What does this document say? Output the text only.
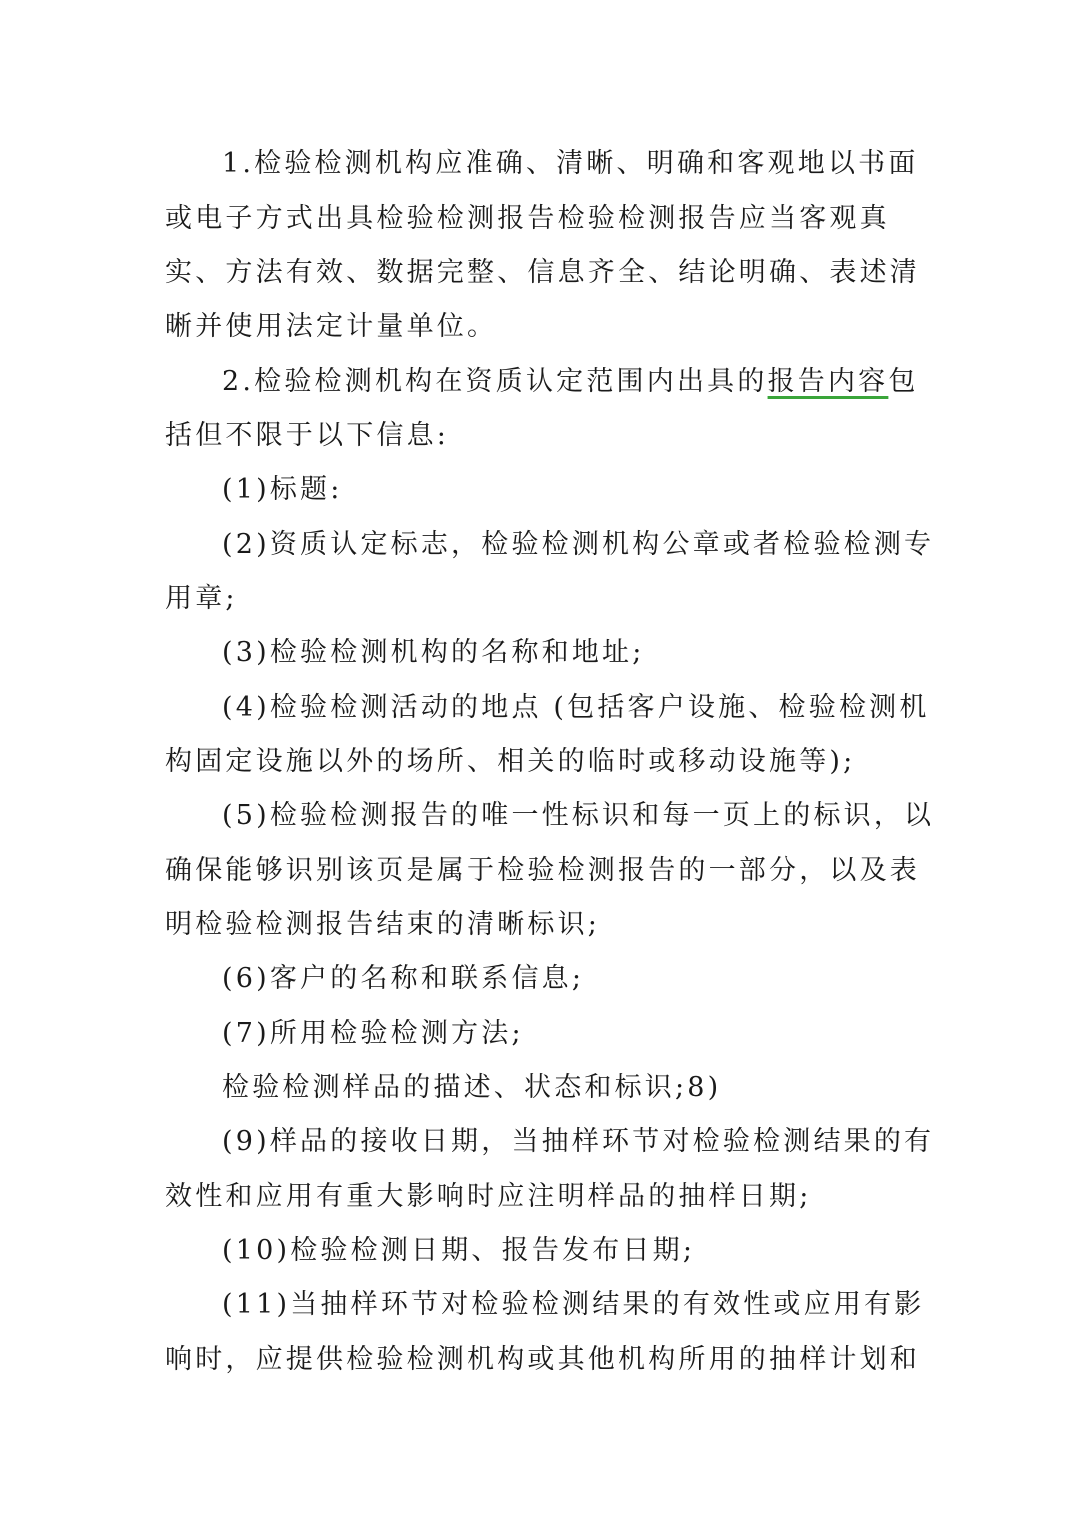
1.检验检测机构应准确、清晰、明确和客观地以书面
或电子方式出具检验检测报告检验检测报告应当客观真
实、方法有效、数据完整、信息齐全、结论明确、表述清
晰并使用法定计量单位。
2.检验检测机构在资质认定范围内出具的报告内容包
括但不限于以下信息:
(1)标题:
(2)资质认定标志，检验检测机构公章或者检验检测专
用章;
(3)检验检测机构的名称和地址;
(4)检验检测活动的地点 (包括客户设施、检验检测机
构固定设施以外的场所、相关的临时或移动设施等);
(5)检验检测报告的唯一性标识和每一页上的标识，以
确保能够识别该页是属于检验检测报告的一部分，以及表
明检验检测报告结束的清晰标识;
(6)客户的名称和联系信息;
(7)所用检验检测方法;
检验检测样品的描述、状态和标识;8)
(9)样品的接收日期，当抽样环节对检验检测结果的有
效性和应用有重大影响时应注明样品的抽样日期;
(10)检验检测日期、报告发布日期;
(11)当抽样环节对检验检测结果的有效性或应用有影
响时，应提供检验检测机构或其他机构所用的抽样计划和
